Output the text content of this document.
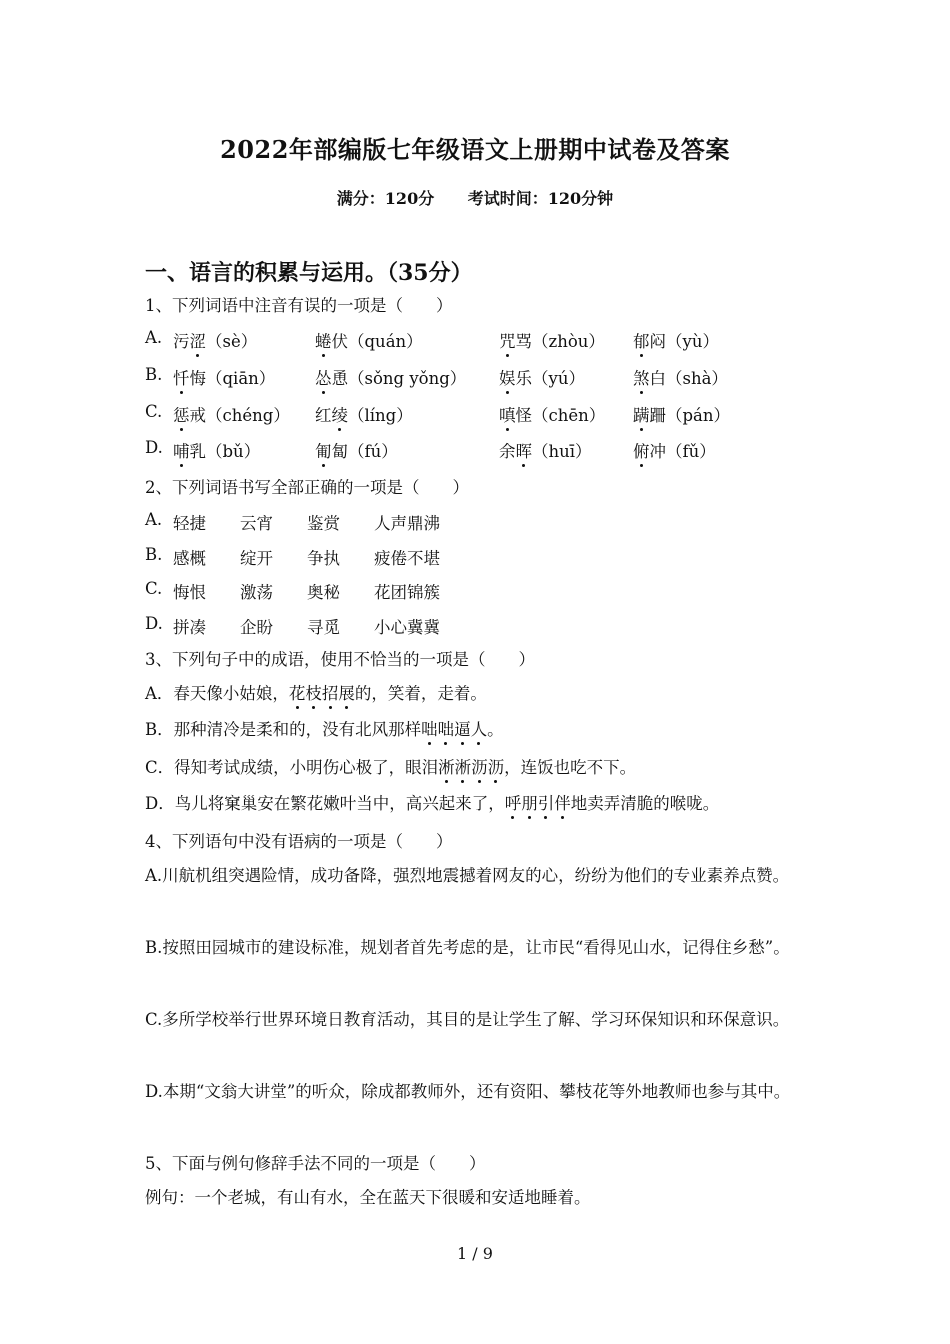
2022年部编版七年级语文上册期中试卷及答案
满分：120分 考试时间：120分钟
一、语言的积累与运用。（35分）
1、下列词语中注音有误的一项是（　　）
A. 污涩（sè）	蜷伏（quán）	咒骂（zhòu） 郁闷（yù）
B. 忏悔（qiān） 怂恿（sǒng yǒng） 娱乐（yú）	煞白（shà）
C. 惩戒（chéng） 红绫（líng）	嗔怪（chēn） 蹒跚（pán）
D. 哺乳（bǔ）	匍匐（fú）	余晖（huī）	俯冲（fǔ）
2、下列词语书写全部正确的一项是（　　）
A. 轻捷 云宵 鉴赏 人声鼎沸
B. 感概 绽开 争执 疲倦不堪
C. 悔恨 激荡 奥秘 花团锦簇
D. 拼凑 企盼 寻觅 小心冀冀
3、下列句子中的成语，使用不恰当的一项是（　　）
A．春天像小姑娘，花枝招展的，笑着，走着。
B．那种清冷是柔和的，没有北风那样咄咄逼人。
C．得知考试成绩，小明伤心极了，眼泪淅淅沥沥，连饭也吃不下。
D．鸟儿将窠巢安在繁花嫩叶当中，高兴起来了，呼朋引伴地卖弄清脆的喉咙。
4、下列语句中没有语病的一项是（　　）
A.川航机组突遇险情，成功备降，强烈地震撼着网友的心，纷纷为他们的专业素养点赞。
B.按照田园城市的建设标准，规划者首先考虑的是，让市民“看得见山水，记得住乡愁”。
C.多所学校举行世界环境日教育活动，其目的是让学生了解、学习环保知识和环保意识。
D.本期“文翁大讲堂”的听众，除成都教师外，还有资阳、攀枝花等外地教师也参与其中。
5、下面与例句修辞手法不同的一项是（　　）
例句：一个老城，有山有水，全在蓝天下很暖和安适地睡着。
1 / 9
